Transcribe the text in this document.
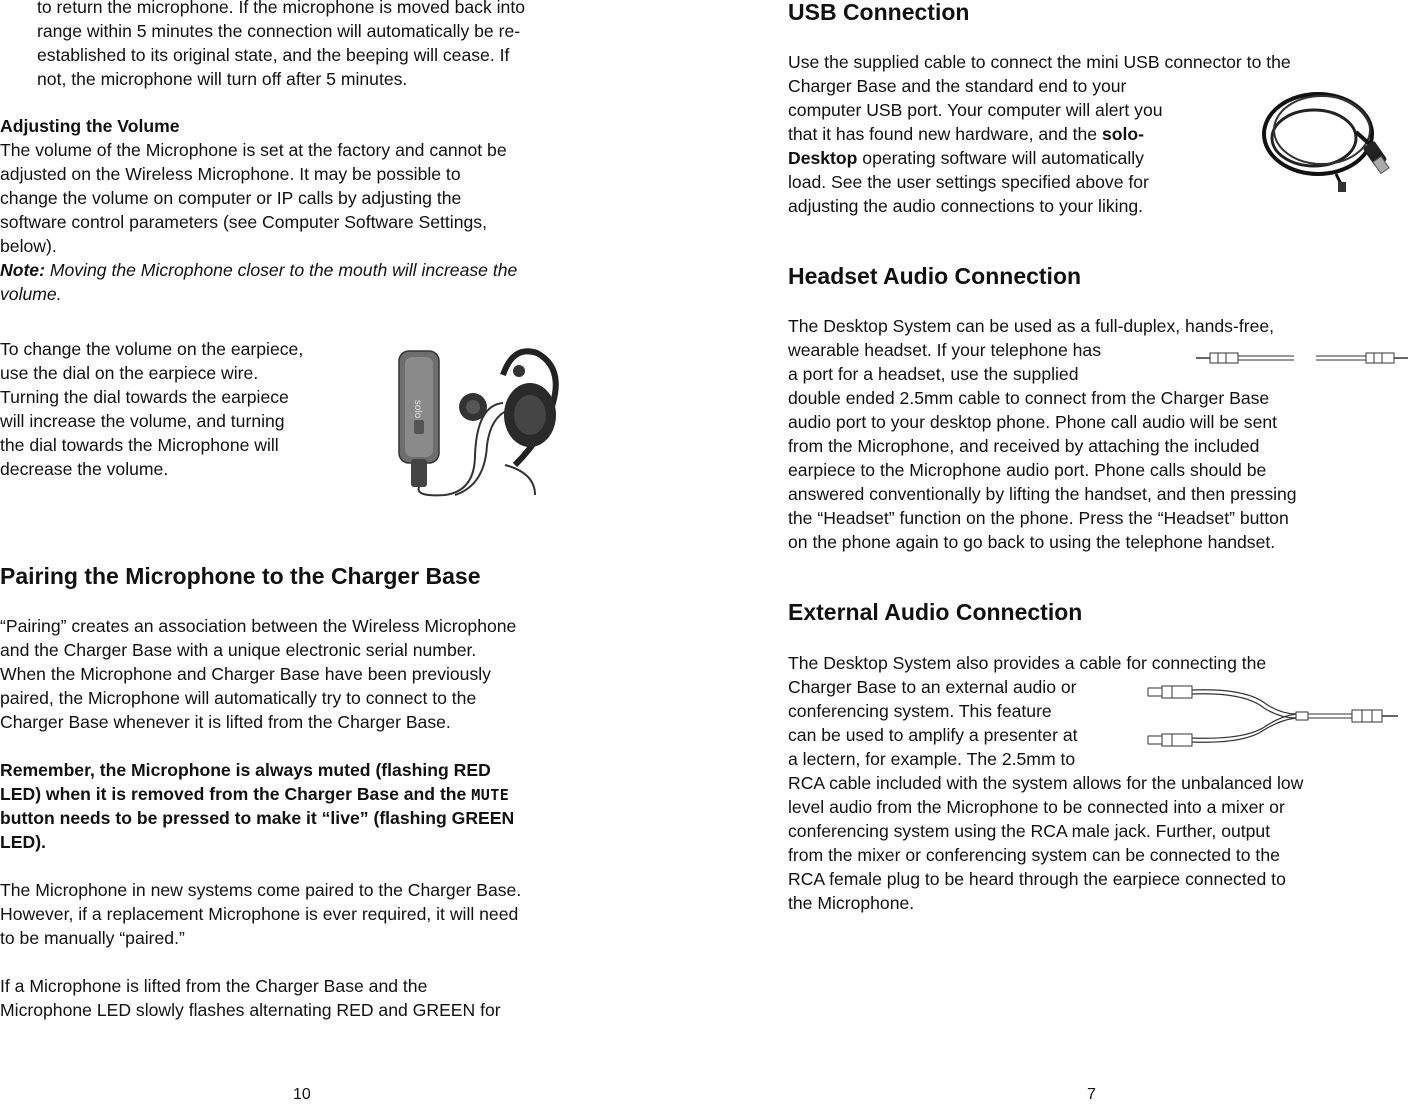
to return the microphone. If the microphone is moved back into

range within 5 minutes the connection will automatically be re-

established to its original state, and the beeping will cease. If

not, the microphone will turn off after 5 minutes.

Adjusting the Volume

The volume of the Microphone is set at the factory and cannot be

adjusted on the Wireless Microphone. It may be possible to

change the volume on computer or IP calls by adjusting the

software control parameters (see Computer Software Settings,

below).

Note: Moving the Microphone closer to the mouth will increase the

volume.

To change the volume on the earpiece,

use the dial on the earpiece wire.

Turning the dial towards the earpiece

will increase the volume, and turning

the dial towards the Microphone will

decrease the volume.

solo
Pairing the Microphone to the Charger Base

“Pairing” creates an association between the Wireless Microphone

and the Charger Base with a unique electronic serial number.

When the Microphone and Charger Base have been previously

paired, the Microphone will automatically try to connect to the

Charger Base whenever it is lifted from the Charger Base.

Remember, the Microphone is always muted (flashing RED

LED) when it is removed from the Charger Base and the MUTE

button needs to be pressed to make it “live” (flashing GREEN

LED).

The Microphone in new systems come paired to the Charger Base.

However, if a replacement Microphone is ever required, it will need

to be manually “paired.”

If a Microphone is lifted from the Charger Base and the

Microphone LED slowly flashes alternating RED and GREEN for

10
USB Connection

Use the supplied cable to connect the mini USB connector to the

Charger Base and the standard end to your

computer USB port. Your computer will alert you

that it has found new hardware, and the solo-

Desktop operating software will automatically

load. See the user settings specified above for

adjusting the audio connections to your liking.

Headset Audio Connection

The Desktop System can be used as a full-duplex, hands-free,

wearable headset. If your telephone has

a port for a headset, use the supplied

double ended 2.5mm cable to connect from the Charger Base

audio port to your desktop phone. Phone call audio will be sent

from the Microphone, and received by attaching the included

earpiece to the Microphone audio port. Phone calls should be

answered conventionally by lifting the handset, and then pressing

the “Headset” function on the phone. Press the “Headset” button

on the phone again to go back to using the telephone handset.

External Audio Connection

The Desktop System also provides a cable for connecting the

Charger Base to an external audio or

conferencing system. This feature

can be used to amplify a presenter at

a lectern, for example. The 2.5mm to

RCA cable included with the system allows for the unbalanced low

level audio from the Microphone to be connected into a mixer or

conferencing system using the RCA male jack. Further, output

from the mixer or conferencing system can be connected to the

RCA female plug to be heard through the earpiece connected to

the Microphone.

7
